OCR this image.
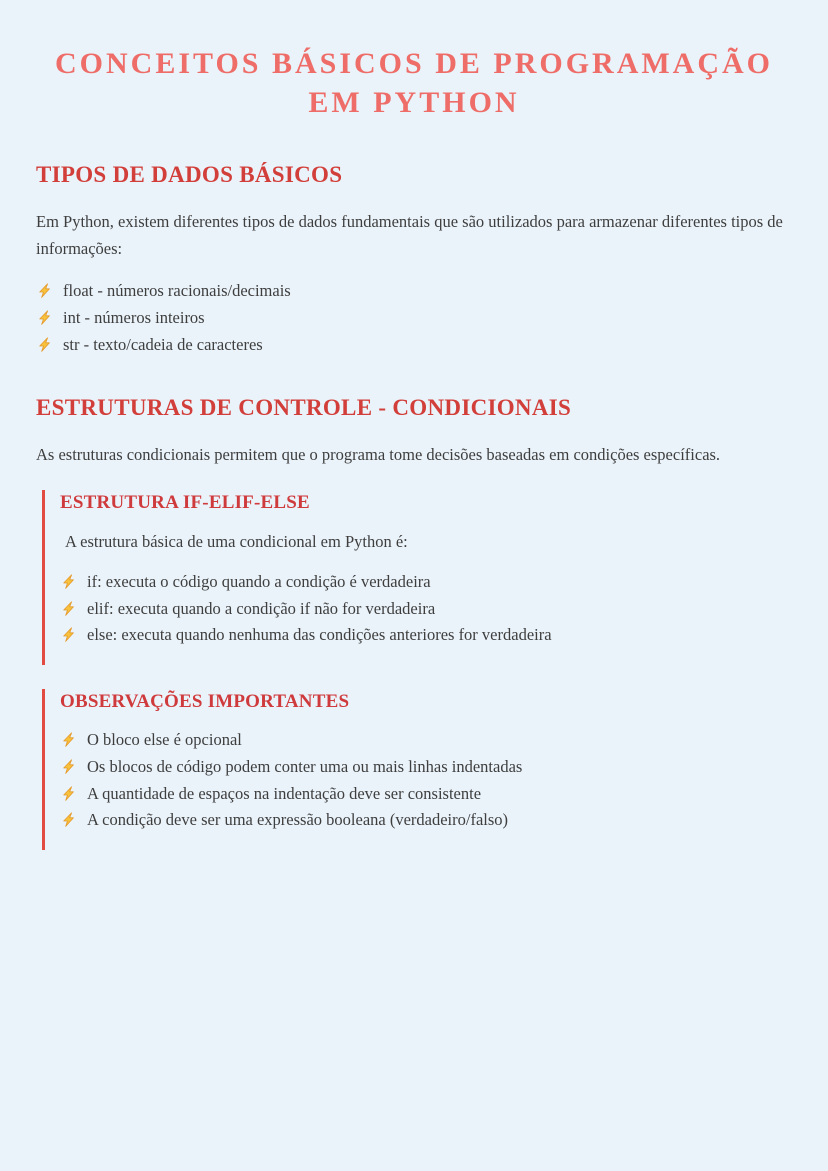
CONCEITOS BÁSICOS DE PROGRAMAÇÃO EM PYTHON
TIPOS DE DADOS BÁSICOS

Em Python, existem diferentes tipos de dados fundamentais que são utilizados para armazenar diferentes tipos de informações:

float - números racionais/decimais
int - números inteiros
str - texto/cadeia de caracteres
ESTRUTURAS DE CONTROLE - CONDICIONAIS

As estruturas condicionais permitem que o programa tome decisões baseadas em condições específicas.

ESTRUTURA IF-ELIF-ELSE

A estrutura básica de uma condicional em Python é:

if: executa o código quando a condição é verdadeira
elif: executa quando a condição if não for verdadeira
else: executa quando nenhuma das condições anteriores for verdadeira
OBSERVAÇÕES IMPORTANTES
O bloco else é opcional
Os blocos de código podem conter uma ou mais linhas indentadas
A quantidade de espaços na indentação deve ser consistente
A condição deve ser uma expressão booleana (verdadeiro/falso)
